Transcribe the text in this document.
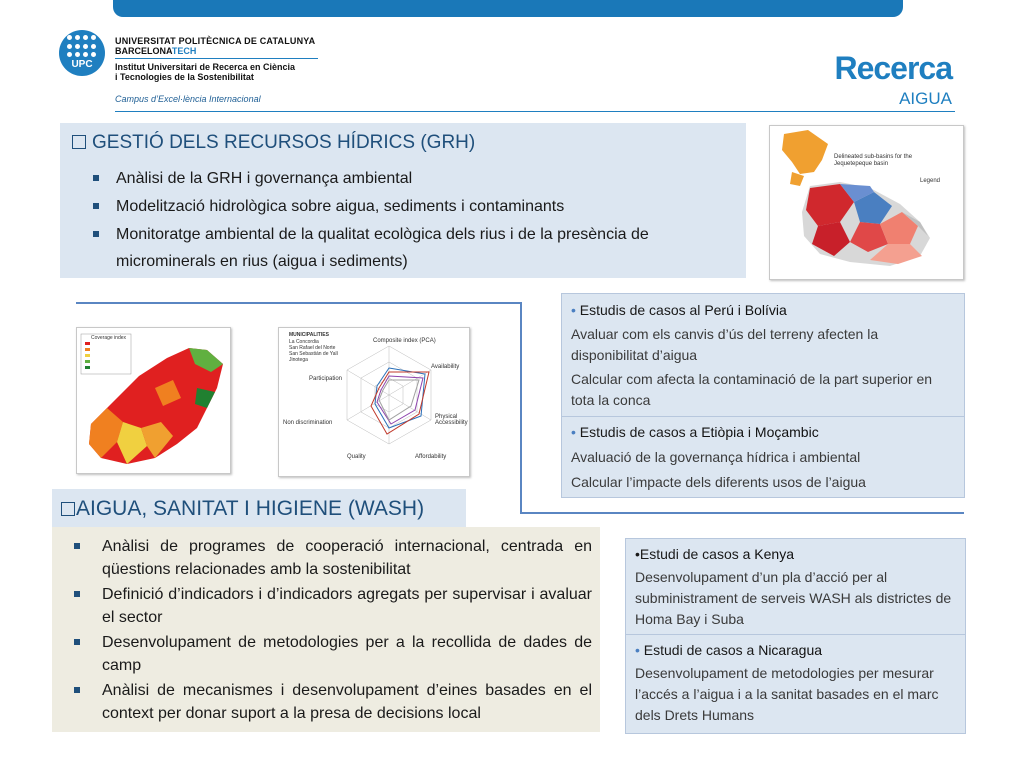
UPC
UNIVERSITAT POLITÈCNICA DE CATALUNYA
BARCELONATECH
Institut Universitari de Recerca en Ciència
i Tecnologies de la Sostenibilitat
Campus d’Excel·lència Internacional
Recerca
AIGUA
GESTIÓ DELS RECURSOS HÍDRICS (GRH)
Anàlisi de la GRH i governança ambiental
Modelització hidrològica sobre aigua, sediments i contaminants
Monitoratge ambiental de la qualitat ecològica dels rius i de la presència de microminerals en rius (aigua i sediments)
Delineated sub-basins for the Jequetepeque basin
Legend
Coverage index	MUNICIPALITIES
La Concordia
San Rafael del Norte
San Sebastián de Yalí
Jinotega
Composite index (PCA)
Availability
Physical Accessibility
Affordability
Quality
Non discrimination
Participation

• Estudis de casos al Perú i Bolívia

Avaluar com els canvis d’ús del terreny afecten la disponibilitat d’aigua

Calcular com afecta la contaminació de la part superior en tota la conca

• Estudis de casos a Etiòpia i Moçambic

Avaluació de la governança hídrica i ambiental

Calcular l’impacte dels diferents usos de l’aigua

AIGUA, SANITAT I HIGIENE (WASH)
Anàlisi de programes de cooperació internacional, centrada en qüestions relacionades amb la sostenibilitat
Definició d’indicadors i d’indicadors agregats per supervisar i avaluar el sector
Desenvolupament de metodologies per a la recollida de dades de camp
Anàlisi de mecanismes i desenvolupament d’eines basades en el context per donar suport a la presa de decisions local

•Estudi de casos a Kenya

Desenvolupament d’un pla d’acció per al subministrament de serveis WASH als districtes de Homa Bay i Suba

• Estudi de casos a Nicaragua

Desenvolupament de metodologies per mesurar l’accés a l’aigua i a la sanitat basades en el marc dels Drets Humans
